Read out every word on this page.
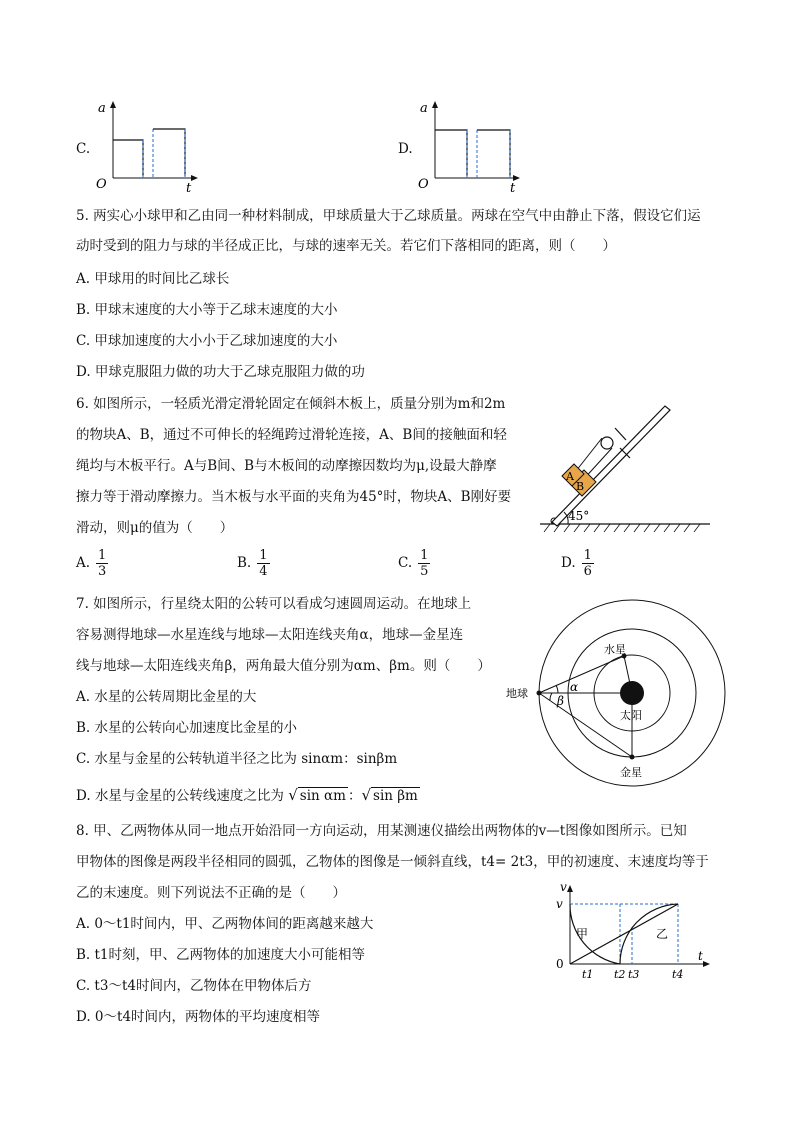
C.
a
O	t
D.
a
O	t
5. 两实心小球甲和乙由同一种材料制成，甲球质量大于乙球质量。两球在空气中由静止下落，假设它们运
动时受到的阻力与球的半径成正比，与球的速率无关。若它们下落相同的距离，则（　　）
A. 甲球用的时间比乙球长
B. 甲球末速度的大小等于乙球末速度的大小
C. 甲球加速度的大小小于乙球加速度的大小
D. 甲球克服阻力做的功大于乙球克服阻力做的功
6. 如图所示，一轻质光滑定滑轮固定在倾斜木板上，质量分别为m和2m
的物块A、B，通过不可伸长的轻绳跨过滑轮连接，A、B间的接触面和轻
绳均与木板平行。A与B间、B与木板间的动摩擦因数均为μ,设最大静摩
擦力等于滑动摩擦力。当木板与水平面的夹角为45°时，物块A、B刚好要
滑动，则μ的值为（　　）
A
B
45°
A. $\frac{1}{3}$	B. $\frac{1}{4}$	C. $\frac{1}{5}$	D. $\frac{1}{6}$
7. 如图所示，行星绕太阳的公转可以看成匀速圆周运动。在地球上
容易测得地球—水星连线与地球—太阳连线夹角α，地球—金星连
线与地球—太阳连线夹角β，两角最大值分别为αm、βm。则（　　）
A. 水星的公转周期比金星的大
B. 水星的公转向心加速度比金星的小
C. 水星与金星的公转轨道半径之比为 sinαm：sinβm
D. 水星与金星的公转线速度之比为 √ sin αm ：√ sin βm
α
β
地球
水星
金星
太阳
8. 甲、乙两物体从同一地点开始沿同一方向运动，用某测速仪描绘出两物体的v—t图像如图所示。已知
甲物体的图像是两段半径相同的圆弧，乙物体的图像是一倾斜直线，t4= 2t3，甲的初速度、末速度均等于
乙的末速度。则下列说法不正确的是（　　）
A. 0～t1时间内，甲、乙两物体间的距离越来越大
B. t1时刻，甲、乙两物体的加速度大小可能相等
C. t3～t4时间内，乙物体在甲物体后方
D. 0～t4时间内，两物体的平均速度相等
v
v
t
0
甲	乙
t1 t2 t3	t4
